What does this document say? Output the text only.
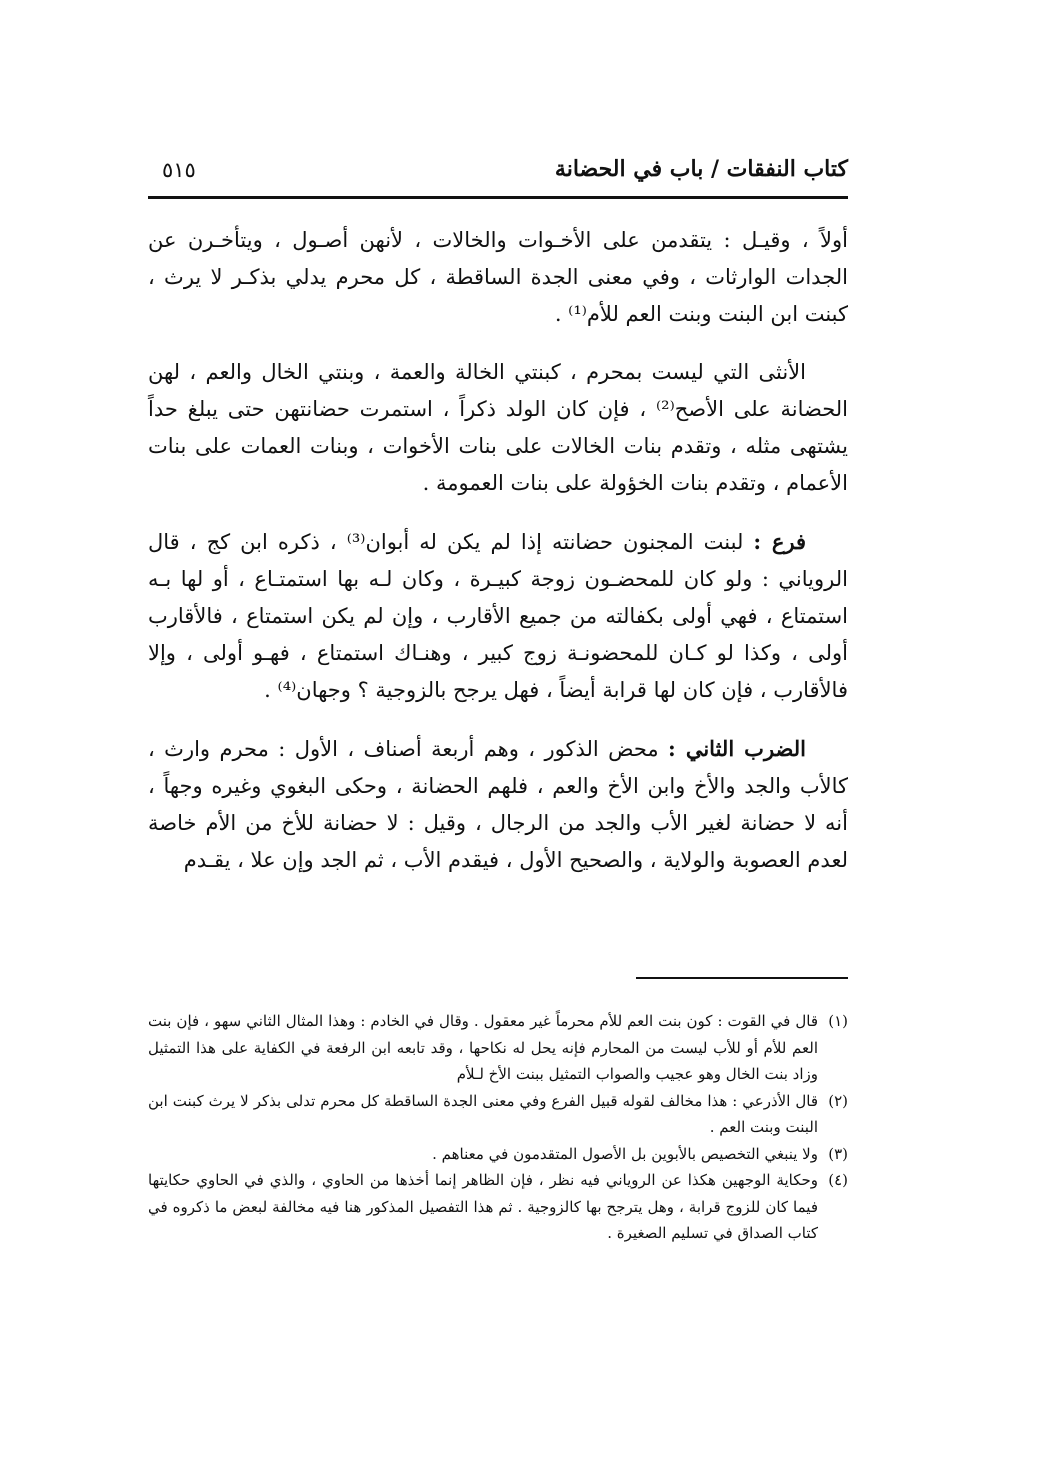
كتاب النفقات / باب في الحضانة
٥١٥

أولاً ، وقيـل : يتقدمن على الأخـوات والخالات ، لأنهن أصـول ، ويتأخـرن عن الجدات الوارثات ، وفي معنى الجدة الساقطة ، كل محرم يدلي بذكـر لا يرث ، كبنت ابن البنت وبنت العم للأم⁽¹⁾ .

الأنثى التي ليست بمحرم ، كبنتي الخالة والعمة ، وبنتي الخال والعم ، لهن الحضانة على الأصح⁽²⁾ ، فإن كان الولد ذكراً ، استمرت حضانتهن حتى يبلغ حداً يشتهى مثله ، وتقدم بنات الخالات على بنات الأخوات ، وبنات العمات على بنات الأعمام ، وتقدم بنات الخؤولة على بنات العمومة .

فرع : لبنت المجنون حضانته إذا لم يكن له أبوان⁽³⁾ ، ذكره ابن كج ، قال الروياني : ولو كان للمحضـون زوجة كبيـرة ، وكان لـه بها استمتـاع ، أو لها بـه استمتاع ، فهي أولى بكفالته من جميع الأقارب ، وإن لم يكن استمتاع ، فالأقارب أولى ، وكذا لو كـان للمحضونـة زوج كبير ، وهنـاك استمتاع ، فهـو أولى ، وإلا فالأقارب ، فإن كان لها قرابة أيضاً ، فهل يرجح بالزوجية ؟ وجهان⁽⁴⁾ .

الضرب الثاني : محض الذكور ، وهم أربعة أصناف ، الأول : محرم وارث ، كالأب والجد والأخ وابن الأخ والعم ، فلهم الحضانة ، وحكى البغوي وغيره وجهاً ، أنه لا حضانة لغير الأب والجد من الرجال ، وقيل : لا حضانة للأخ من الأم خاصة لعدم العصوبة والولاية ، والصحيح الأول ، فيقدم الأب ، ثم الجد وإن علا ، يقـدم

(١)
قال في القوت : كون بنت العم للأم محرماً غير معقول . وقال في الخادم : وهذا المثال الثاني سهو ، فإن بنت العم للأم أو للأب ليست من المحارم فإنه يحل له نكاحها ، وقد تابعه ابن الرفعة في الكفاية على هذا التمثيل وزاد بنت الخال وهو عجيب والصواب التمثيل ببنت الأخ لـلأم
(٢)
قال الأذرعي : هذا مخالف لقوله قبيل الفرع وفي معنى الجدة الساقطة كل محرم تدلى بذكر لا يرث كبنت ابن البنت وبنت العم .
(٣)
ولا ينبغي التخصيص بالأبوين بل الأصول المتقدمون في معناهم .
(٤)
وحكاية الوجهين هكذا عن الروياني فيه نظر ، فإن الظاهر إنما أخذها من الحاوي ، والذي في الحاوي حكايتها فيما كان للزوج قرابة ، وهل يترجح بها كالزوجية . ثم هذا التفصيل المذكور هنا فيه مخالفة لبعض ما ذكروه في كتاب الصداق في تسليم الصغيرة .
